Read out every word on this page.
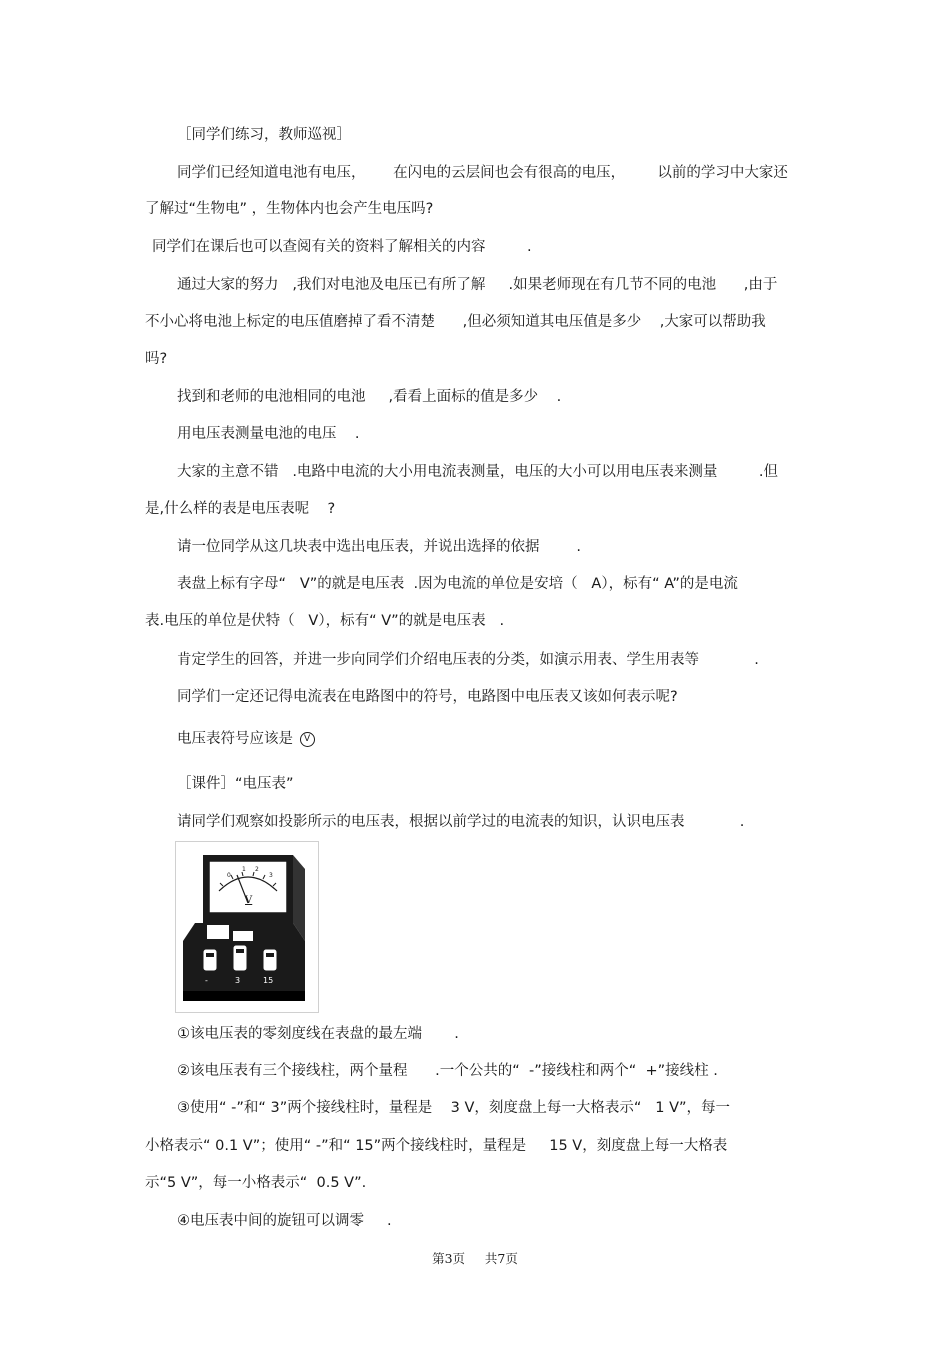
［同学们练习，教师巡视］
同学们已经知道电池有电压，      在闪电的云层间也会有很高的电压，       以前的学习中大家还
了解过“生物电” ，生物体内也会产生电压吗?
同学们在课后也可以查阅有关的资料了解相关的内容         .
通过大家的努力   ,我们对电池及电压已有所了解     .如果老师现在有几节不同的电池      ,由于
不小心将电池上标定的电压值磨掉了看不清楚      ,但必须知道其电压值是多少    ,大家可以帮助我
吗?
找到和老师的电池相同的电池     ,看看上面标的值是多少    .
用电压表测量电池的电压    .
大家的主意不错   .电路中电流的大小用电流表测量，电压的大小可以用电压表来测量         .但
是,什么样的表是电压表呢    ?
请一位同学从这几块表中选出电压表，并说出选择的依据        .
表盘上标有字母“   V”的就是电压表  .因为电流的单位是安培（   A），标有“ A”的是电流
表.电压的单位是伏特（   V），标有“ V”的就是电压表   .
肯定学生的回答，并进一步向同学们介绍电压表的分类，如演示用表、学生用表等            .
同学们一定还记得电流表在电路图中的符号，电路图中电压表又该如何表示呢?
电压表符号应该是 V
［课件］“电压表”
请同学们观察如投影所示的电压表，根据以前学过的电流表的知识，认识电压表            .
0
1 2
3
V
-	3	15
①该电压表的零刻度线在表盘的最左端       .
②该电压表有三个接线柱，两个量程      .一个公共的“  -”接线柱和两个“  +”接线柱 .
③使用“ -”和“ 3”两个接线柱时，量程是    3 V，刻度盘上每一大格表示“   1 V”，每一
小格表示“ 0.1 V”；使用“ -”和“ 15”两个接线柱时，量程是     15 V，刻度盘上每一大格表
示“5 V”，每一小格表示“  0.5 V”.
④电压表中间的旋钮可以调零     .
第3页     共7页
